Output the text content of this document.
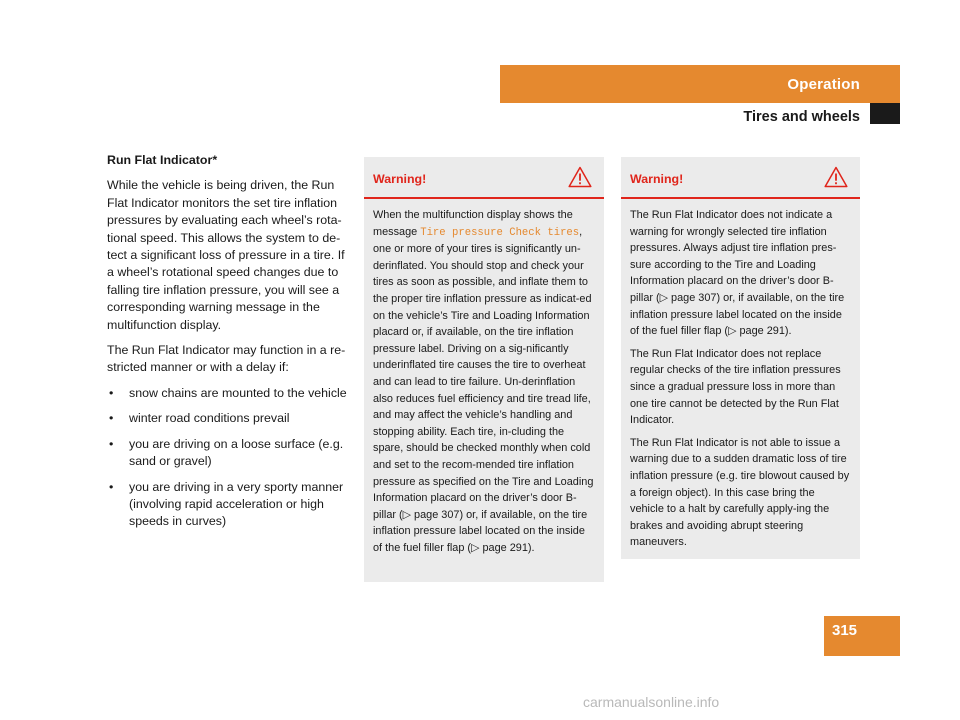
Operation
Tires and wheels
Run Flat Indicator*

While the vehicle is being driven, the Run Flat Indicator monitors the set tire inflation pressures by evaluating each wheel’s rota-tional speed. This allows the system to de-tect a significant loss of pressure in a tire. If a wheel’s rotational speed changes due to falling tire inflation pressure, you will see a corresponding warning message in the multifunction display.

The Run Flat Indicator may function in a re-stricted manner or with a delay if:

• snow chains are mounted to the vehicle
• winter road conditions prevail
• you are driving on a loose surface (e.g. sand or gravel)
• you are driving in a very sporty manner (involving rapid acceleration or high speeds in curves)
Warning!

When the multifunction display shows the message Tire pressure Check tires, one or more of your tires is significantly un-derinflated. You should stop and check your tires as soon as possible, and inflate them to the proper tire inflation pressure as indicat-ed on the vehicle’s Tire and Loading Information placard or, if available, on the tire inflation pressure label. Driving on a sig-nificantly underinflated tire causes the tire to overheat and can lead to tire failure. Un-derinflation also reduces fuel efficiency and tire tread life, and may affect the vehicle’s handling and stopping ability. Each tire, in-cluding the spare, should be checked monthly when cold and set to the recom-mended tire inflation pressure as specified on the Tire and Loading Information placard on the driver’s door B-pillar (▷ page 307) or, if available, on the tire inflation pressure label located on the inside of the fuel filler flap (▷ page 291).

Warning!

The Run Flat Indicator does not indicate a warning for wrongly selected tire inflation pressures. Always adjust tire inflation pres-sure according to the Tire and Loading Information placard on the driver’s door B-pillar (▷ page 307) or, if available, on the tire inflation pressure label located on the inside of the fuel filler flap (▷ page 291).

The Run Flat Indicator does not replace regular checks of the tire inflation pressures since a gradual pressure loss in more than one tire cannot be detected by the Run Flat Indicator.

The Run Flat Indicator is not able to issue a warning due to a sudden dramatic loss of tire inflation pressure (e.g. tire blowout caused by a foreign object). In this case bring the vehicle to a halt by carefully apply-ing the brakes and avoiding abrupt steering maneuvers.

315
carmanualsonline.info
